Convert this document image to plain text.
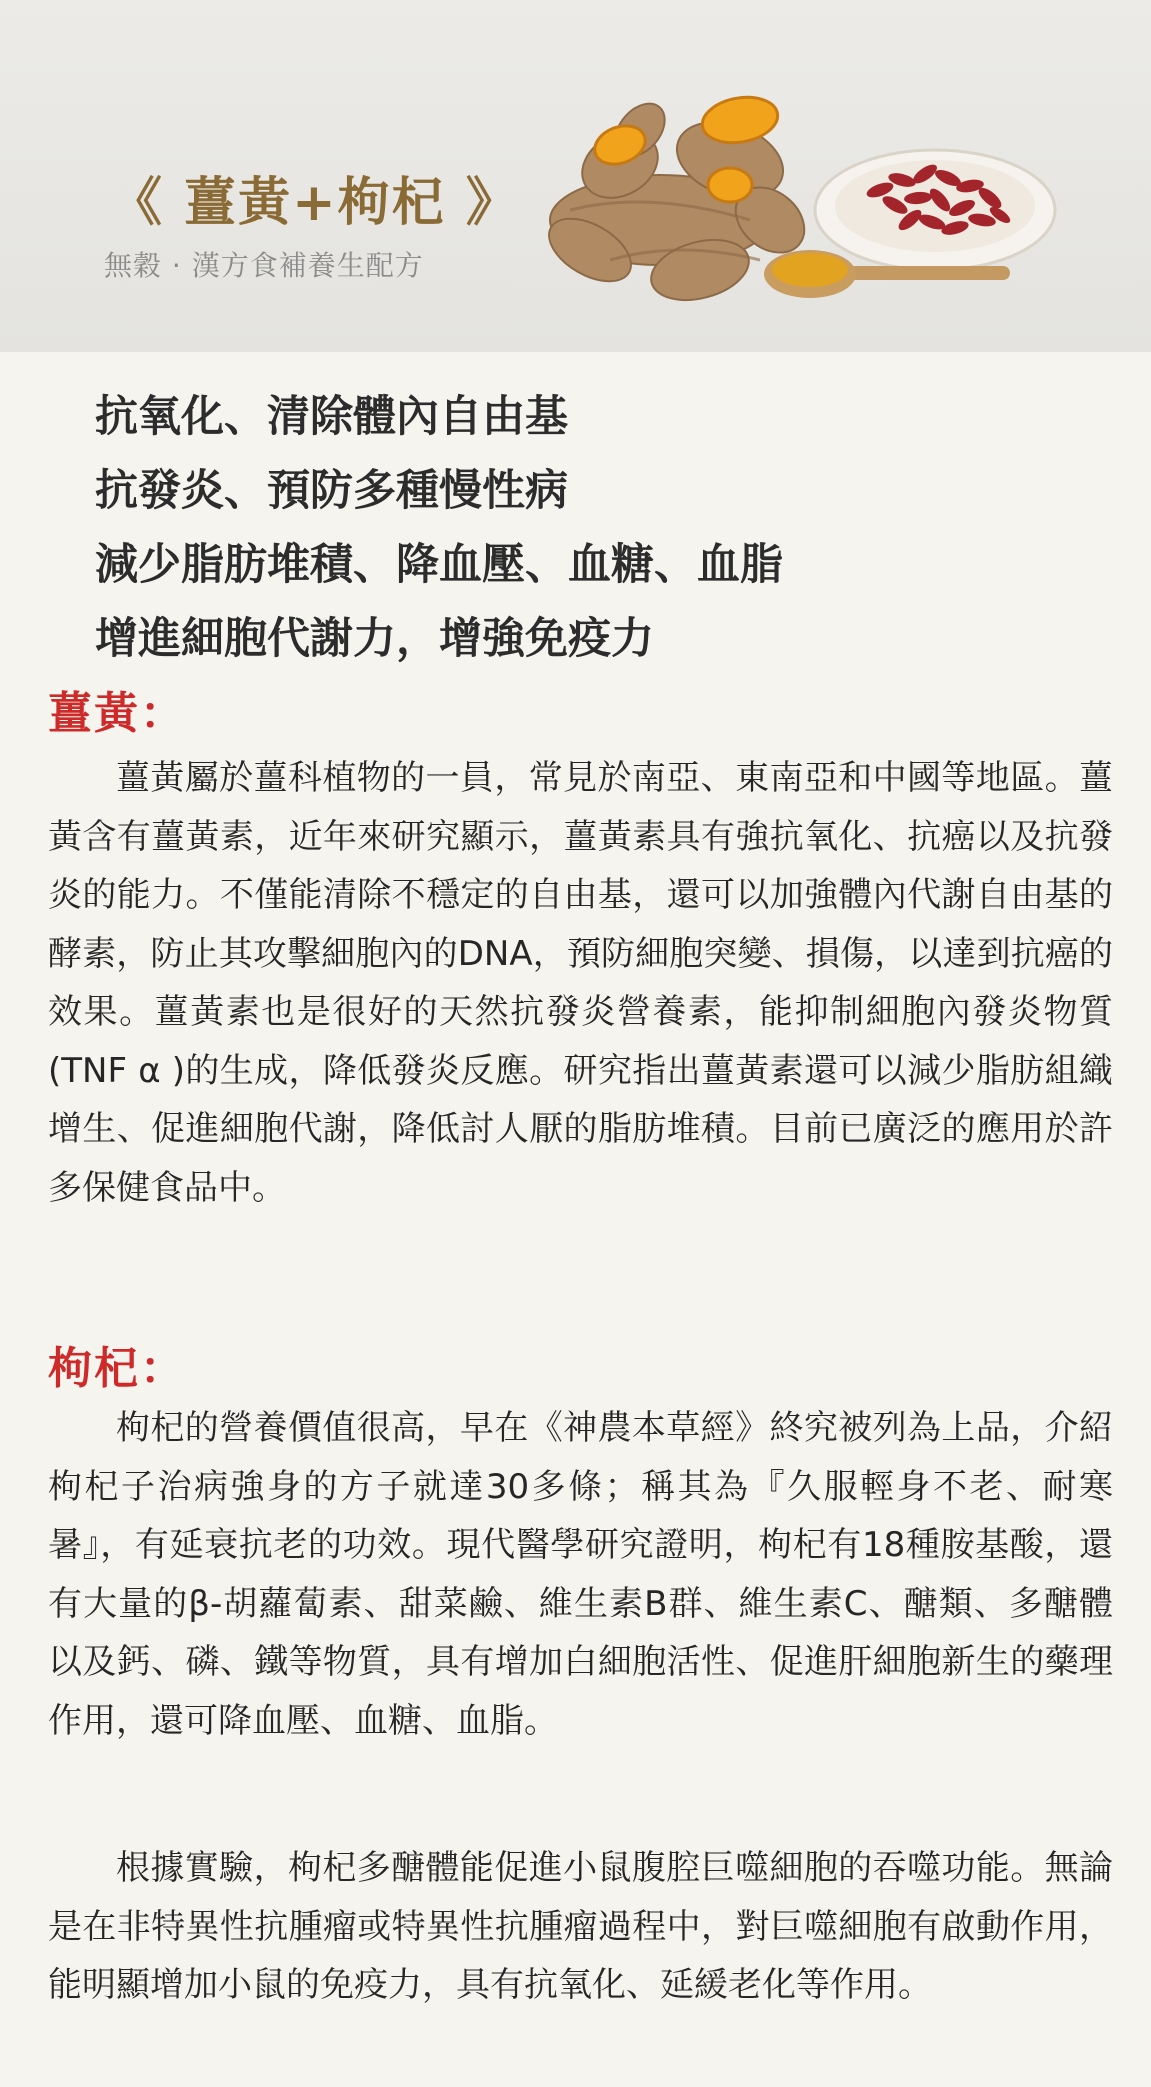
《 薑黃+枸杞 》
無穀 · 漢方食補養生配方
抗氧化、清除體內自由基
抗發炎、預防多種慢性病
減少脂肪堆積、降血壓、血糖、血脂
增進細胞代謝力，增強免疫力
薑黃：

薑黃屬於薑科植物的一員，常見於南亞、東南亞和中國等地區。薑黃含有薑黃素，近年來研究顯示，薑黃素具有強抗氧化、抗癌以及抗發炎的能力。不僅能清除不穩定的自由基，還可以加強體內代謝自由基的酵素，防止其攻擊細胞內的DNA，預防細胞突變、損傷，以達到抗癌的效果。薑黃素也是很好的天然抗發炎營養素，能抑制細胞內發炎物質(TNF α )的生成，降低發炎反應。研究指出薑黃素還可以減少脂肪組織增生、促進細胞代謝，降低討人厭的脂肪堆積。目前已廣泛的應用於許多保健食品中。

枸杞：

枸杞的營養價值很高，早在《神農本草經》終究被列為上品，介紹枸杞子治病強身的方子就達30多條；稱其為『久服輕身不老、耐寒暑』，有延衰抗老的功效。現代醫學研究證明，枸杞有18種胺基酸，還有大量的β-胡蘿蔔素、甜菜鹼、維生素B群、維生素C、醣類、多醣體以及鈣、磷、鐵等物質，具有增加白細胞活性、促進肝細胞新生的藥理作用，還可降血壓、血糖、血脂。

根據實驗，枸杞多醣體能促進小鼠腹腔巨噬細胞的吞噬功能。無論是在非特異性抗腫瘤或特異性抗腫瘤過程中，對巨噬細胞有啟動作用，能明顯增加小鼠的免疫力，具有抗氧化、延緩老化等作用。
